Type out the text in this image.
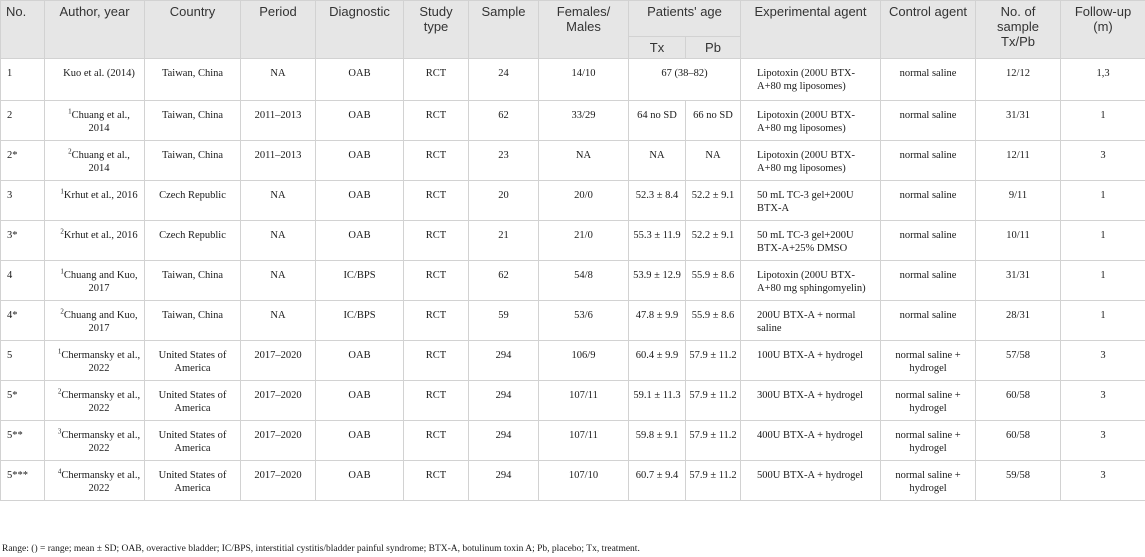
No.	Author, year	Country	Period	Diagnostic	Study type	Sample	Females/ Males	Patients' age		Experimental agent	Control agent	No. of sample Tx/Pb	Follow-up (m)
								Tx	Pb				
1	Kuo et al. (2014)	Taiwan, China	NA	OAB	RCT	24	14/10	67 (38–82)		Lipotoxin (200U BTX-A+80 mg liposomes)	normal saline	12/12	1,3
2	$^1$Chuang et al., 2014	Taiwan, China	2011–2013	OAB	RCT	62	33/29	64 no SD	66 no SD	Lipotoxin (200U BTX-A+80 mg liposomes)	normal saline	31/31	1
2*	$^2$Chuang et al., 2014	Taiwan, China	2011–2013	OAB	RCT	23	NA	NA	NA	Lipotoxin (200U BTX-A+80 mg liposomes)	normal saline	12/11	3
3	$^1$Krhut et al., 2016	Czech Republic	NA	OAB	RCT	20	20/0	52.3 ± 8.4	52.2 ± 9.1	50 mL TC-3 gel+200U BTX-A	normal saline	9/11	1
3*	$^2$Krhut et al., 2016	Czech Republic	NA	OAB	RCT	21	21/0	55.3 ± 11.9	52.2 ± 9.1	50 mL TC-3 gel+200U BTX-A+25% DMSO	normal saline	10/11	1
4	$^1$Chuang and Kuo, 2017	Taiwan, China	NA	IC/BPS	RCT	62	54/8	53.9 ± 12.9	55.9 ± 8.6	Lipotoxin (200U BTX-A+80 mg sphingomyelin)	normal saline	31/31	1
4*	$^2$Chuang and Kuo, 2017	Taiwan, China	NA	IC/BPS	RCT	59	53/6	47.8 ± 9.9	55.9 ± 8.6	200U BTX-A + normal saline	normal saline	28/31	1
5	$^1$Chermansky et al., 2022	United States of America	2017–2020	OAB	RCT	294	106/9	60.4 ± 9.9	57.9 ± 11.2	100U BTX-A + hydrogel	normal saline + hydrogel	57/58	3
5*	$^2$Chermansky et al., 2022	United States of America	2017–2020	OAB	RCT	294	107/11	59.1 ± 11.3	57.9 ± 11.2	300U BTX-A + hydrogel	normal saline + hydrogel	60/58	3
5**	$^3$Chermansky et al., 2022	United States of America	2017–2020	OAB	RCT	294	107/11	59.8 ± 9.1	57.9 ± 11.2	400U BTX-A + hydrogel	normal saline + hydrogel	60/58	3
5***	$^4$Chermansky et al., 2022	United States of America	2017–2020	OAB	RCT	294	107/10	60.7 ± 9.4	57.9 ± 11.2	500U BTX-A + hydrogel	normal saline + hydrogel	59/58	3
Range: () = range; mean ± SD; OAB, overactive bladder; IC/BPS, interstitial cystitis/bladder painful syndrome; BTX-A, botulinum toxin A; Pb, placebo; Tx, treatment.
